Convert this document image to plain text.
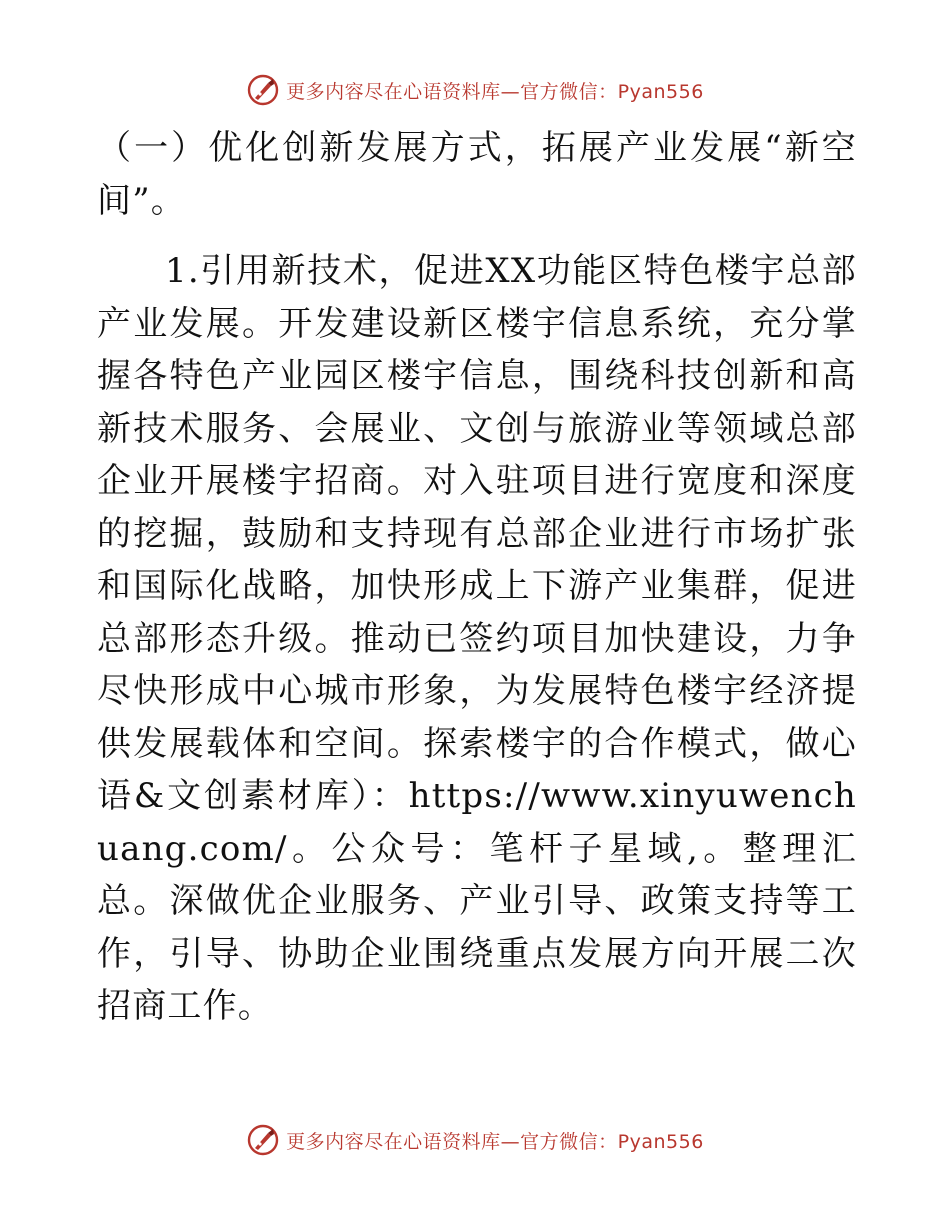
更多内容尽在心语资料库—官方微信：Pyan556

（一）优化创新发展方式，拓展产业发展“新空间”。

1.引用新技术，促进XX功能区特色楼宇总部产业发展。开发建设新区楼宇信息系统，充分掌握各特色产业园区楼宇信息，围绕科技创新和高新技术服务、会展业、文创与旅游业等领域总部企业开展楼宇招商。对入驻项目进行宽度和深度的挖掘，鼓励和支持现有总部企业进行市场扩张和国际化战略，加快形成上下游产业集群，促进总部形态升级。推动已签约项目加快建设，力争尽快形成中心城市形象，为发展特色楼宇经济提供发展载体和空间。探索楼宇的合作模式，做心语&文创素材库）：https://www.xinyuwenchuang.com/。公众号：笔杆子星域,。整理汇总。深做优企业服务、产业引导、政策支持等工作，引导、协助企业围绕重点发展方向开展二次招商工作。

更多内容尽在心语资料库—官方微信：Pyan556
